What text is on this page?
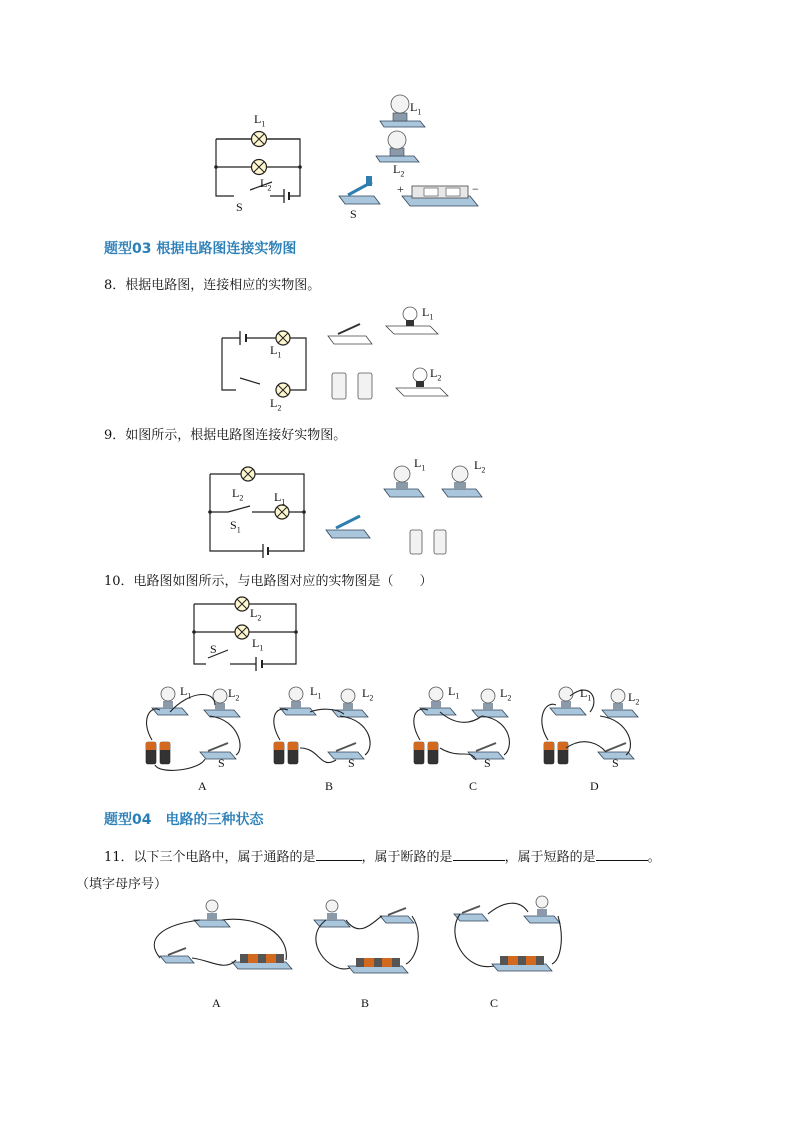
$L_1$
$L_2$
S
$L_1$
$L_2$
S
+	−
题型03 根据电路图连接实物图
8．根据电路图，连接相应的实物图。
$L_1$
$L_2$
$L_1$
$L_2$
9．如图所示，根据电路图连接好实物图。
$L_2$	$L_1$
$S_1$
$L_1$	$L_2$
10．电路图如图所示，与电路图对应的实物图是（　　）
$L_2$
$L_1$
S
$L_1$	$L_2$
S
$L_1$	$L_2$
S
$L_1$	$L_2$
S
$L_1$	$L_2$
S
A	B	C	D
题型04　电路的三种状态
11．以下三个电路中，属于通路的是	，属于断路的是	，属于短路的是	。
（填字母序号）
A	B	C
